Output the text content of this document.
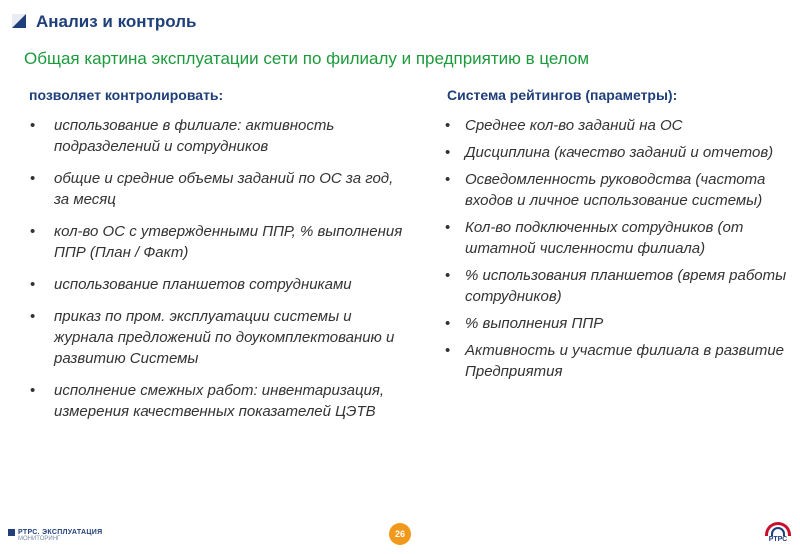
Анализ и контроль
Общая картина эксплуатации сети по филиалу и предприятию в целом
позволяет контролировать:
• использование в филиале: активность подразделений и сотрудников
• общие и средние объемы заданий по ОС за год, за месяц
• кол-во ОС с утвержденными ППР, % выполнения ППР (План / Факт)
• использование планшетов сотрудниками
• приказ по пром. эксплуатации системы и журнала предложений по доукомплектованию и развитию Системы
• исполнение смежных работ: инвентаризация,
измерения качественных показателей ЦЭТВ
Система рейтингов (параметры):
• Среднее кол-во заданий на ОС
• Дисциплина (качество заданий и отчетов)
• Осведомленность руководства (частота входов и личное использование системы)
• Кол-во подключенных сотрудников (от штатной численности филиала)
• % использования планшетов (время работы сотрудников)
• % выполнения ППР
• Активность и участие филиала в развитие Предприятия
РТРС. ЭКСПЛУАТАЦИЯ
МОНИТОРИНГ	26
РТРС
